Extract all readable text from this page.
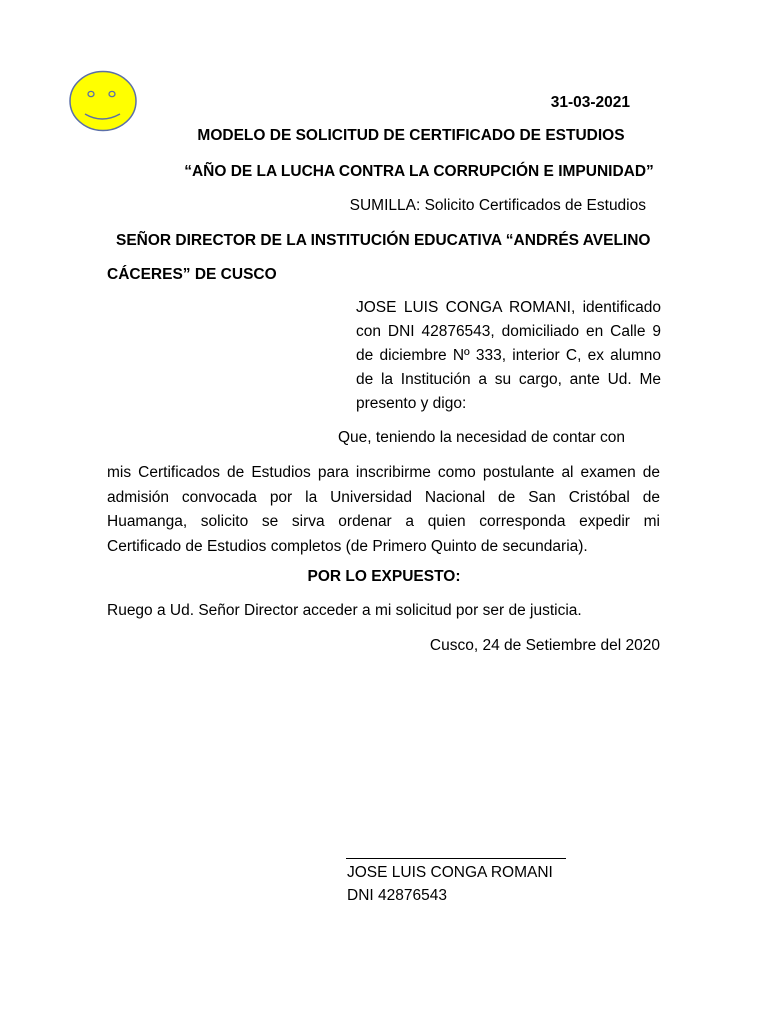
31-03-2021
MODELO DE SOLICITUD DE CERTIFICADO DE ESTUDIOS
“AÑO DE LA LUCHA CONTRA LA CORRUPCIÓN E IMPUNIDAD”
SUMILLA: Solicito Certificados de Estudios
SEÑOR DIRECTOR DE LA INSTITUCIÓN EDUCATIVA “ANDRÉS AVELINO
CÁCERES” DE CUSCO
JOSE LUIS CONGA ROMANI, identificado
con DNI 42876543, domiciliado en Calle 9
de diciembre Nº 333, interior C, ex alumno
de la Institución a su cargo, ante Ud. Me
presento y digo:
Que, teniendo la necesidad de contar con
mis Certificados de Estudios para inscribirme como postulante al examen de
admisión convocada por la Universidad Nacional de San Cristóbal de
Huamanga, solicito se sirva ordenar a quien corresponda expedir mi
Certificado de Estudios completos (de Primero Quinto de secundaria).
POR LO EXPUESTO:
Ruego a Ud. Señor Director acceder a mi solicitud por ser de justicia.
Cusco, 24 de Setiembre del 2020
JOSE LUIS CONGA ROMANI
DNI 42876543
